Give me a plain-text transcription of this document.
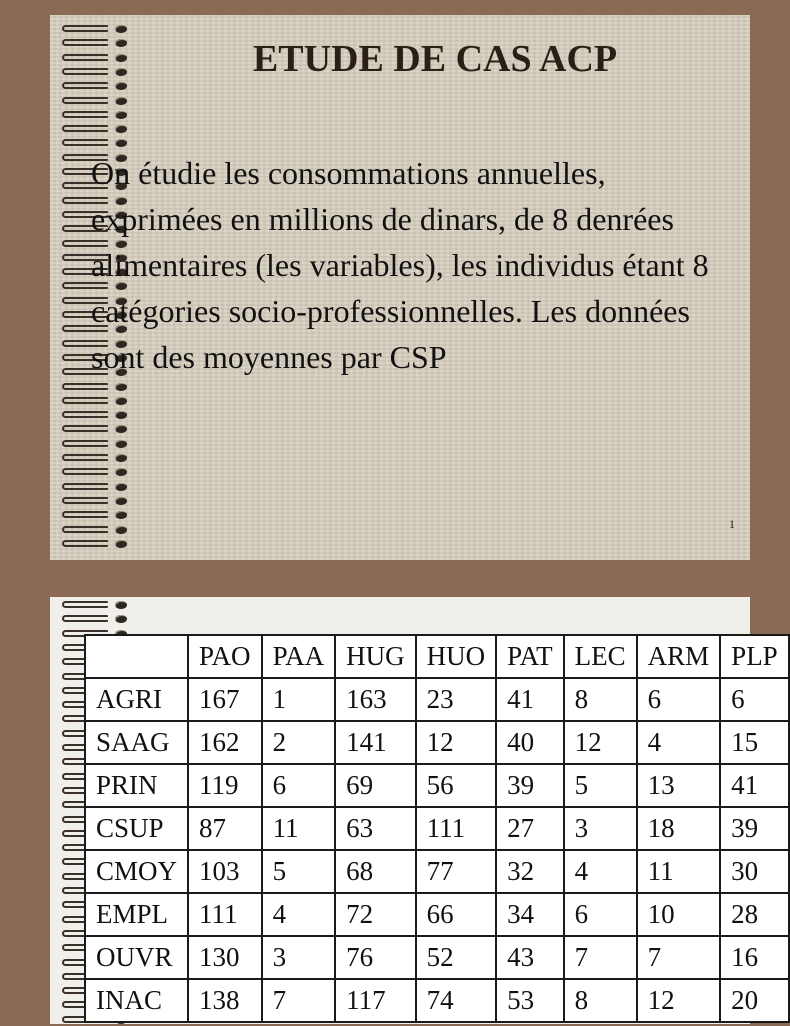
ETUDE DE CAS ACP

On étudie les consommations annuelles, exprimées en millions de dinars, de 8 denrées alimentaires (les variables), les individus étant 8 catégories socio-professionnelles. Les données sont des moyennes par CSP

1
	PAO	PAA	HUG	HUO	PAT	LEC	ARM	PLP
AGRI	167	1	163	23	41	8	6	6
SAAG	162	2	141	12	40	12	4	15
PRIN	119	6	69	56	39	5	13	41
CSUP	87	11	63	111	27	3	18	39
CMOY	103	5	68	77	32	4	11	30
EMPL	111	4	72	66	34	6	10	28
OUVR	130	3	76	52	43	7	7	16
INAC	138	7	117	74	53	8	12	20
